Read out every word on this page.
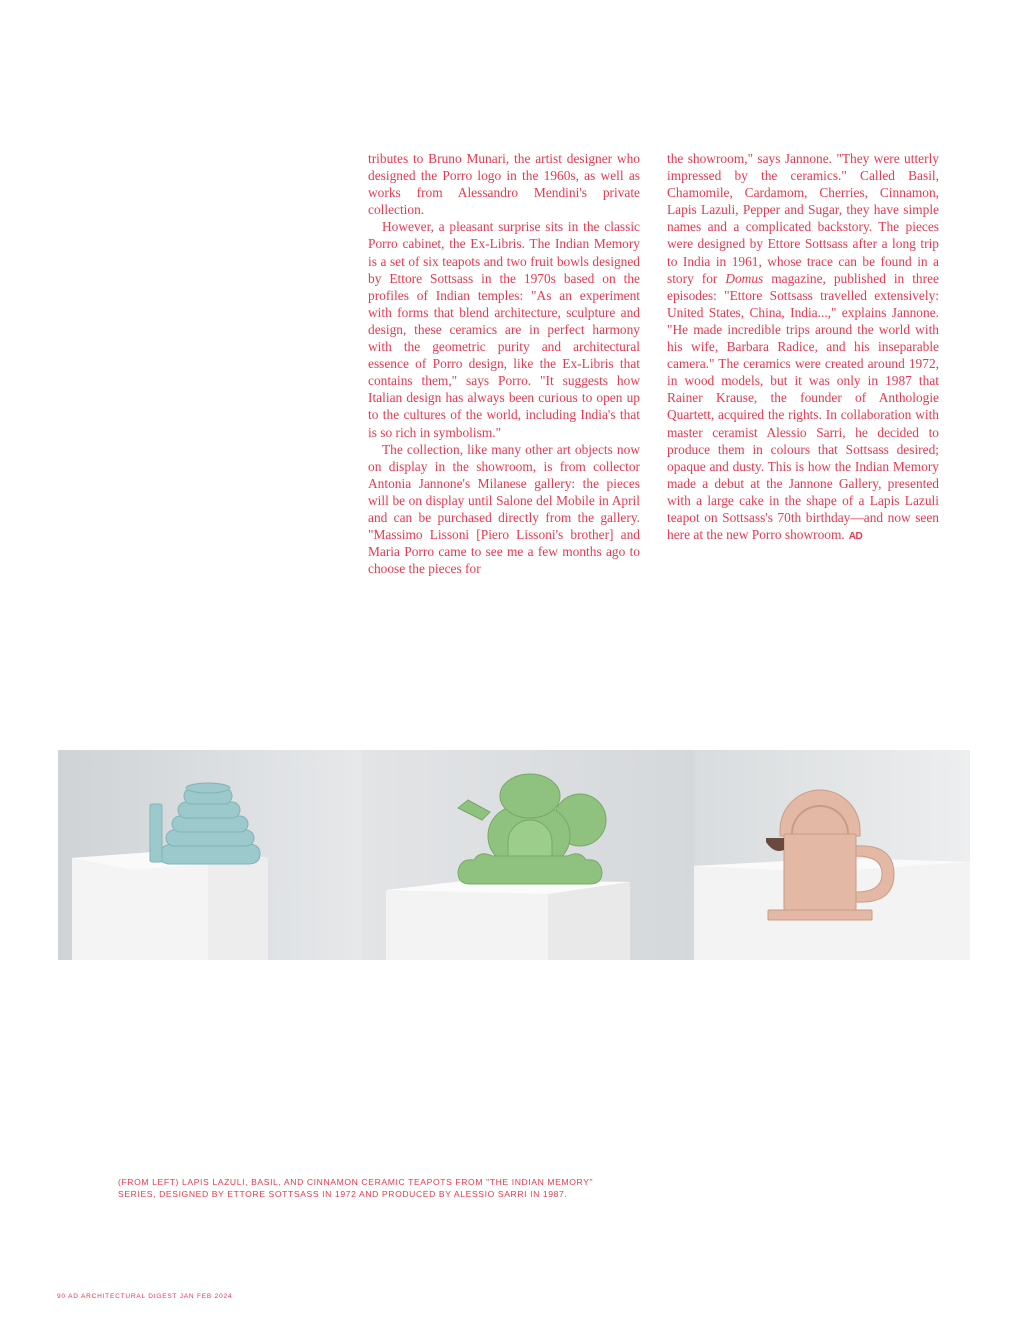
tributes to Bruno Munari, the artist designer who designed the Porro logo in the 1960s, as well as works from Alessandro Mendini's private collection.

However, a pleasant surprise sits in the classic Porro cabinet, the Ex-Libris. The Indian Memory is a set of six teapots and two fruit bowls designed by Ettore Sottsass in the 1970s based on the profiles of Indian temples: "As an experiment with forms that blend architecture, sculpture and design, these ceramics are in perfect harmony with the geometric purity and architectural essence of Porro design, like the Ex-Libris that contains them," says Porro. "It suggests how Italian design has always been curious to open up to the cultures of the world, including India's that is so rich in symbolism."

The collection, like many other art objects now on display in the showroom, is from collector Antonia Jannone's Milanese gallery: the pieces will be on display until Salone del Mobile in April and can be purchased directly from the gallery. "Massimo Lissoni [Piero Lissoni's brother] and Maria Porro came to see me a few months ago to choose the pieces for

the showroom," says Jannone. "They were utterly impressed by the ceramics." Called Basil, Chamomile, Cardamom, Cherries, Cinnamon, Lapis Lazuli, Pepper and Sugar, they have simple names and a complicated backstory. The pieces were designed by Ettore Sottsass after a long trip to India in 1961, whose trace can be found in a story for Domus magazine, published in three episodes: "Ettore Sottsass travelled extensively: United States, China, India...," explains Jannone. "He made incredible trips around the world with his wife, Barbara Radice, and his inseparable camera." The ceramics were created around 1972, in wood models, but it was only in 1987 that Rainer Krause, the founder of Anthologie Quartett, acquired the rights. In collaboration with master ceramist Alessio Sarri, he decided to produce them in colours that Sottsass desired; opaque and dusty. This is how the Indian Memory made a debut at the Jannone Gallery, presented with a large cake in the shape of a Lapis Lazuli teapot on Sottsass's 70th birthday—and now seen here at the new Porro showroom. AD

(FROM LEFT) LAPIS LAZULI, BASIL, AND CINNAMON CERAMIC TEAPOTS FROM "THE INDIAN MEMORY"
SERIES, DESIGNED BY ETTORE SOTTSASS IN 1972 AND PRODUCED BY ALESSIO SARRI IN 1987.
90 AD ARCHITECTURAL DIGEST JAN FEB 2024
